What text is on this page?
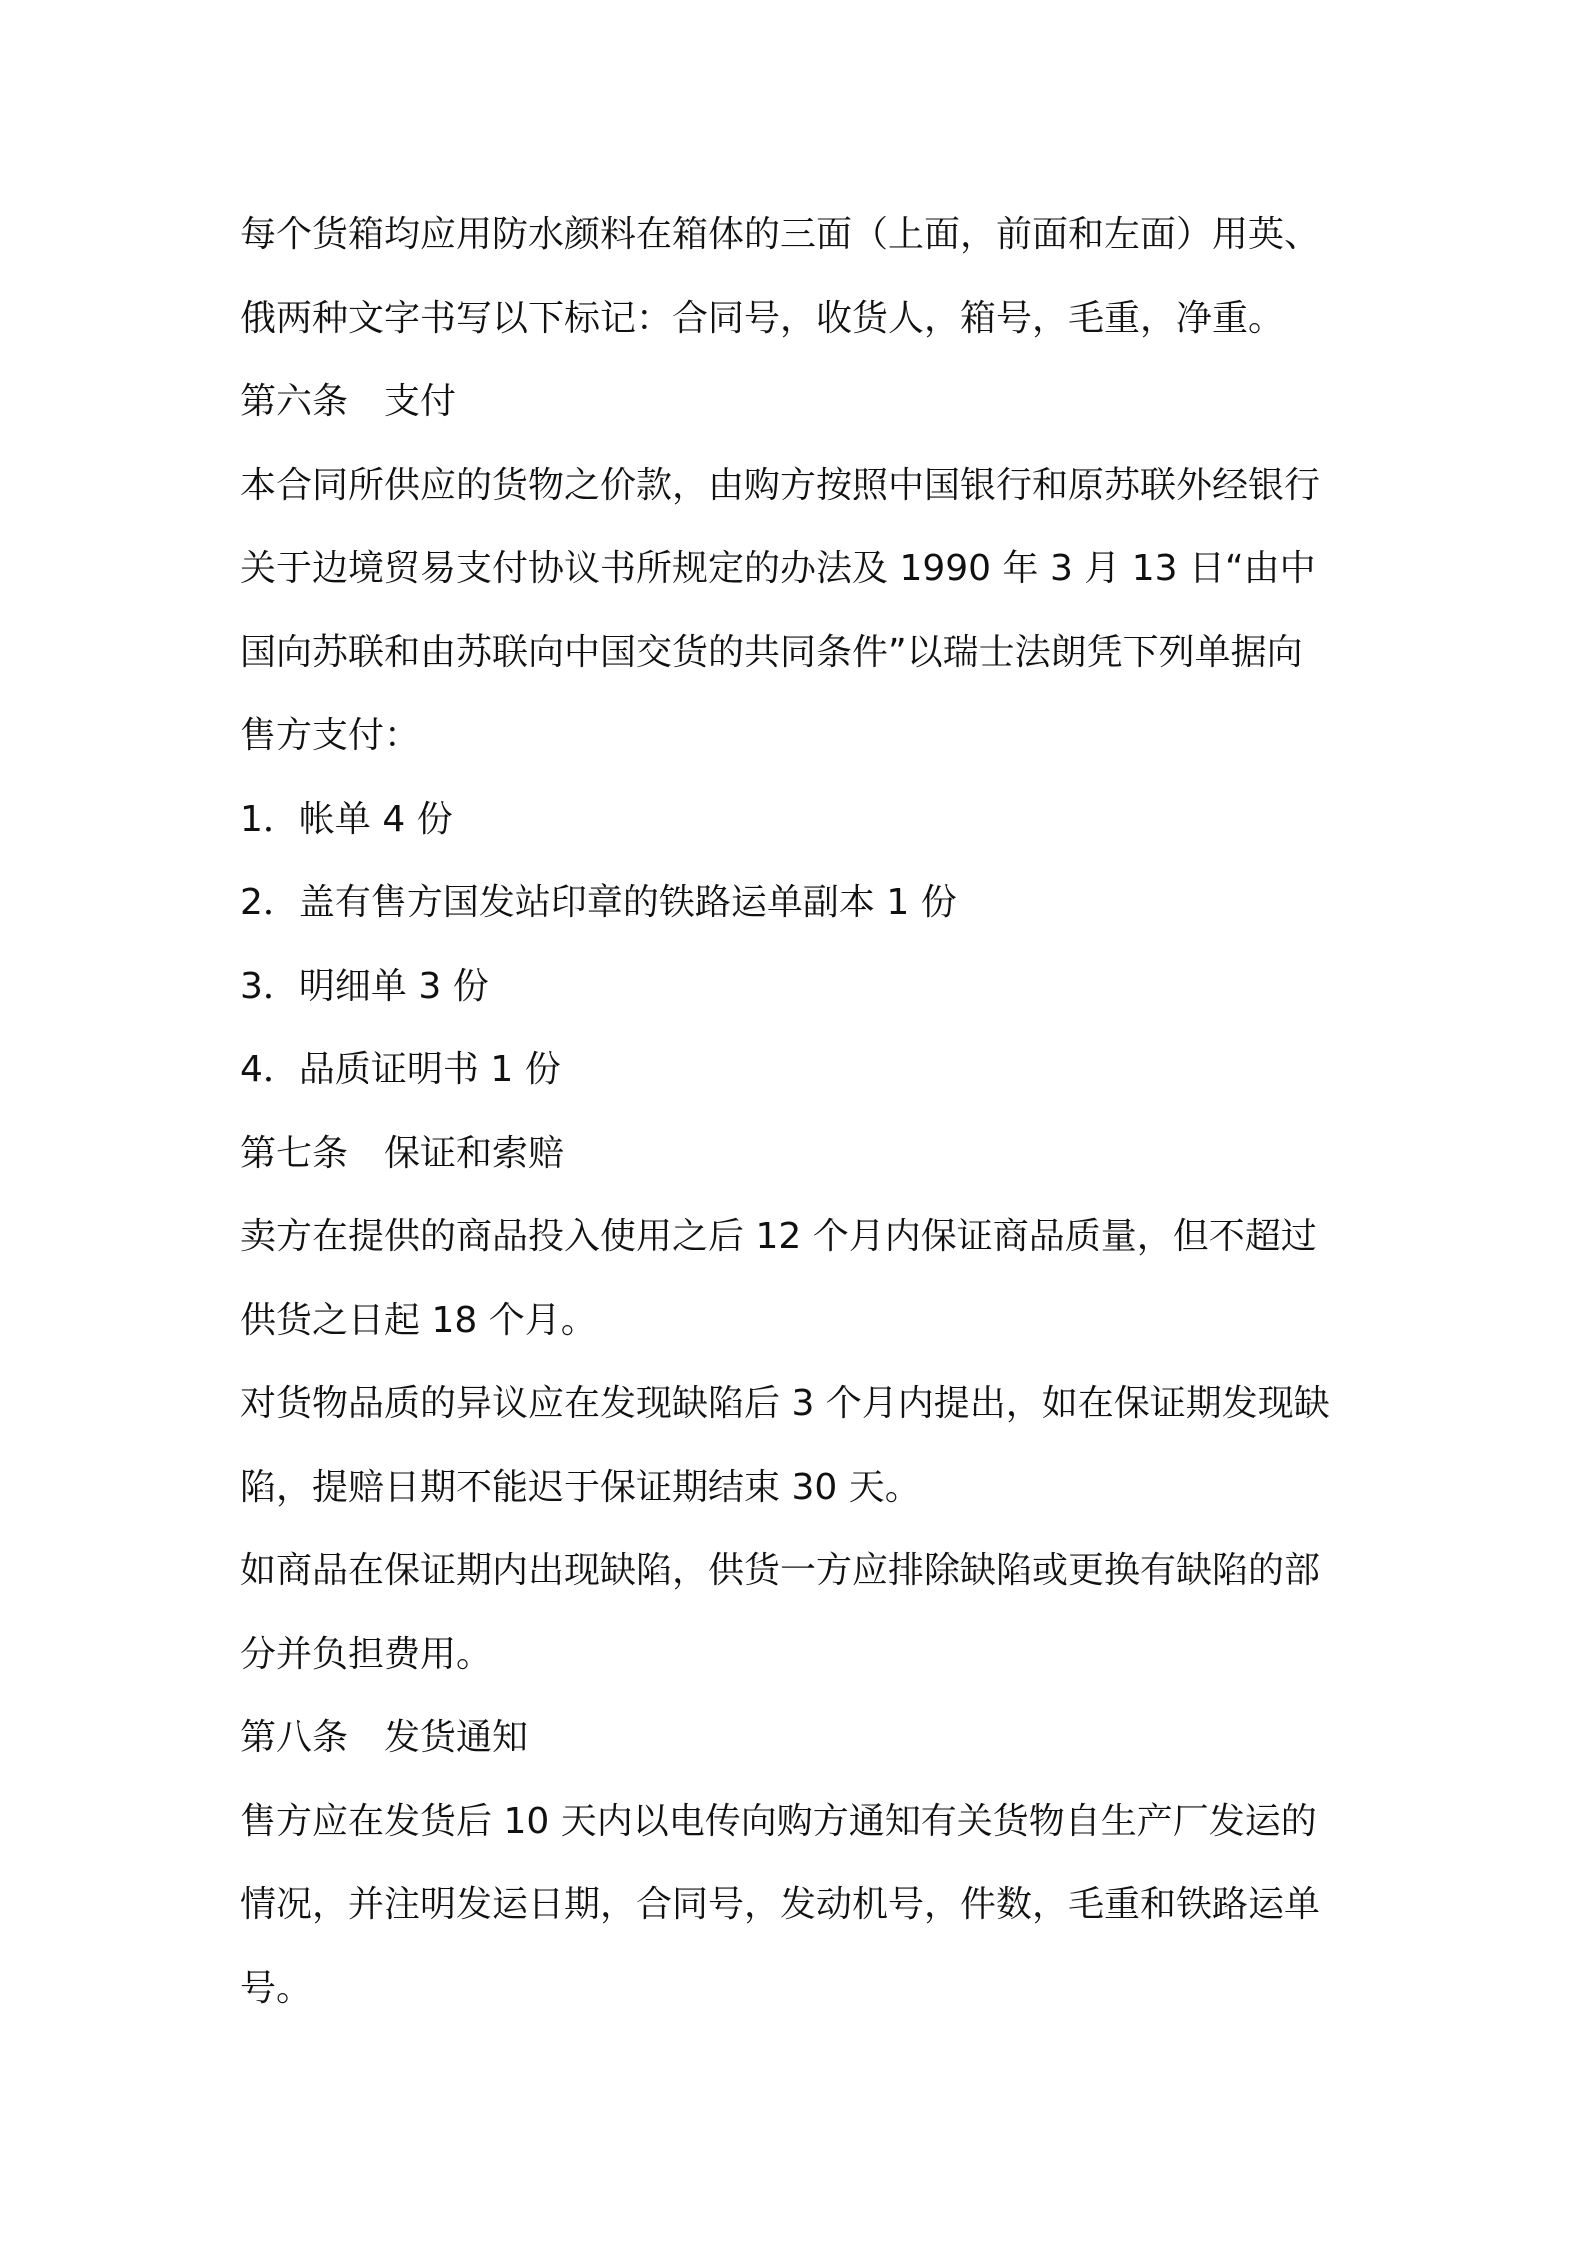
每个货箱均应用防水颜料在箱体的三面（上面，前面和左面）用英、
俄两种文字书写以下标记：合同号，收货人，箱号，毛重，净重。
第六条　支付
本合同所供应的货物之价款，由购方按照中国银行和原苏联外经银行
关于边境贸易支付协议书所规定的办法及 1990 年 3 月 13 日“由中
国向苏联和由苏联向中国交货的共同条件”以瑞士法朗凭下列单据向
售方支付：
1．帐单 4 份
2．盖有售方国发站印章的铁路运单副本 1 份
3．明细单 3 份
4．品质证明书 1 份
第七条　保证和索赔
卖方在提供的商品投入使用之后 12 个月内保证商品质量，但不超过
供货之日起 18 个月。
对货物品质的异议应在发现缺陷后 3 个月内提出，如在保证期发现缺
陷，提赔日期不能迟于保证期结束 30 天。
如商品在保证期内出现缺陷，供货一方应排除缺陷或更换有缺陷的部
分并负担费用。
第八条　发货通知
售方应在发货后 10 天内以电传向购方通知有关货物自生产厂发运的
情况，并注明发运日期，合同号，发动机号，件数，毛重和铁路运单
号。
